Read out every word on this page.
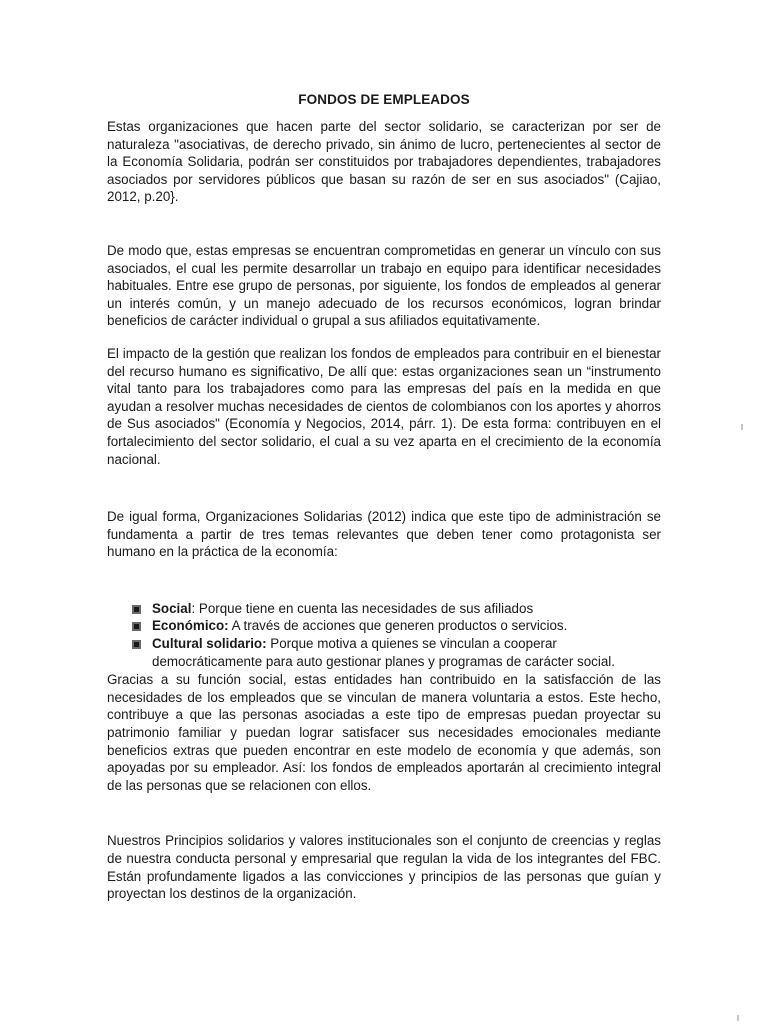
FONDOS DE EMPLEADOS

Estas organizaciones que hacen parte del sector solidario, se caracterizan por ser de naturaleza "asociativas, de derecho privado, sin ánimo de lucro, pertenecientes al sector de la Economía Solidaria, podrán ser constituidos por trabajadores dependientes, trabajadores asociados por servidores públicos que basan su razón de ser en sus asociados" (Cajiao, 2012, p.20}.

De modo que, estas empresas se encuentran comprometidas en generar un vínculo con sus asociados, el cual les permite desarrollar un trabajo en equipo para identificar necesidades habituales. Entre ese grupo de personas, por siguiente, los fondos de empleados al generar un interés común, y un manejo adecuado de los recursos económicos, logran brindar beneficios de carácter individual o grupal a sus afiliados equitativamente.

El impacto de la gestión que realizan los fondos de empleados para contribuir en el bienestar del recurso humano es significativo, De allí que: estas organizaciones sean un “instrumento vital tanto para los trabajadores como para las empresas del país en la medida en que ayudan a resolver muchas necesidades de cientos de colombianos con los aportes y ahorros de Sus asociados" (Economía y Negocios, 2014, párr. 1). De esta forma: contribuyen en el fortalecimiento del sector solidario, el cual a su vez aparta en el crecimiento de la economía nacional.

De igual forma, Organizaciones Solidarias (2012) indica que este tipo de administración se fundamenta a partir de tres temas relevantes que deben tener como protagonista ser humano en la práctica de la economía:

Social: Porque tiene en cuenta las necesidades de sus afiliados
Económico: A través de acciones que generen productos o servicios.
Cultural solidario: Porque motiva a quienes se vinculan a cooperar democráticamente para auto gestionar planes y programas de carácter social.

Gracias a su función social, estas entidades han contribuido en la satisfacción de las necesidades de los empleados que se vinculan de manera voluntaria a estos. Este hecho, contribuye a que las personas asociadas a este tipo de empresas puedan proyectar su patrimonio familiar y puedan lograr satisfacer sus necesidades emocionales mediante beneficios extras que pueden encontrar en este modelo de economía y que además, son apoyadas por su empleador. Así: los fondos de empleados aportarán al crecimiento integral de las personas que se relacionen con ellos.

Nuestros Principios solidarios y valores institucionales son el conjunto de creencias y reglas de nuestra conducta personal y empresarial que regulan la vida de los integrantes del FBC. Están profundamente ligados a las convicciones y principios de las personas que guían y proyectan los destinos de la organización.
